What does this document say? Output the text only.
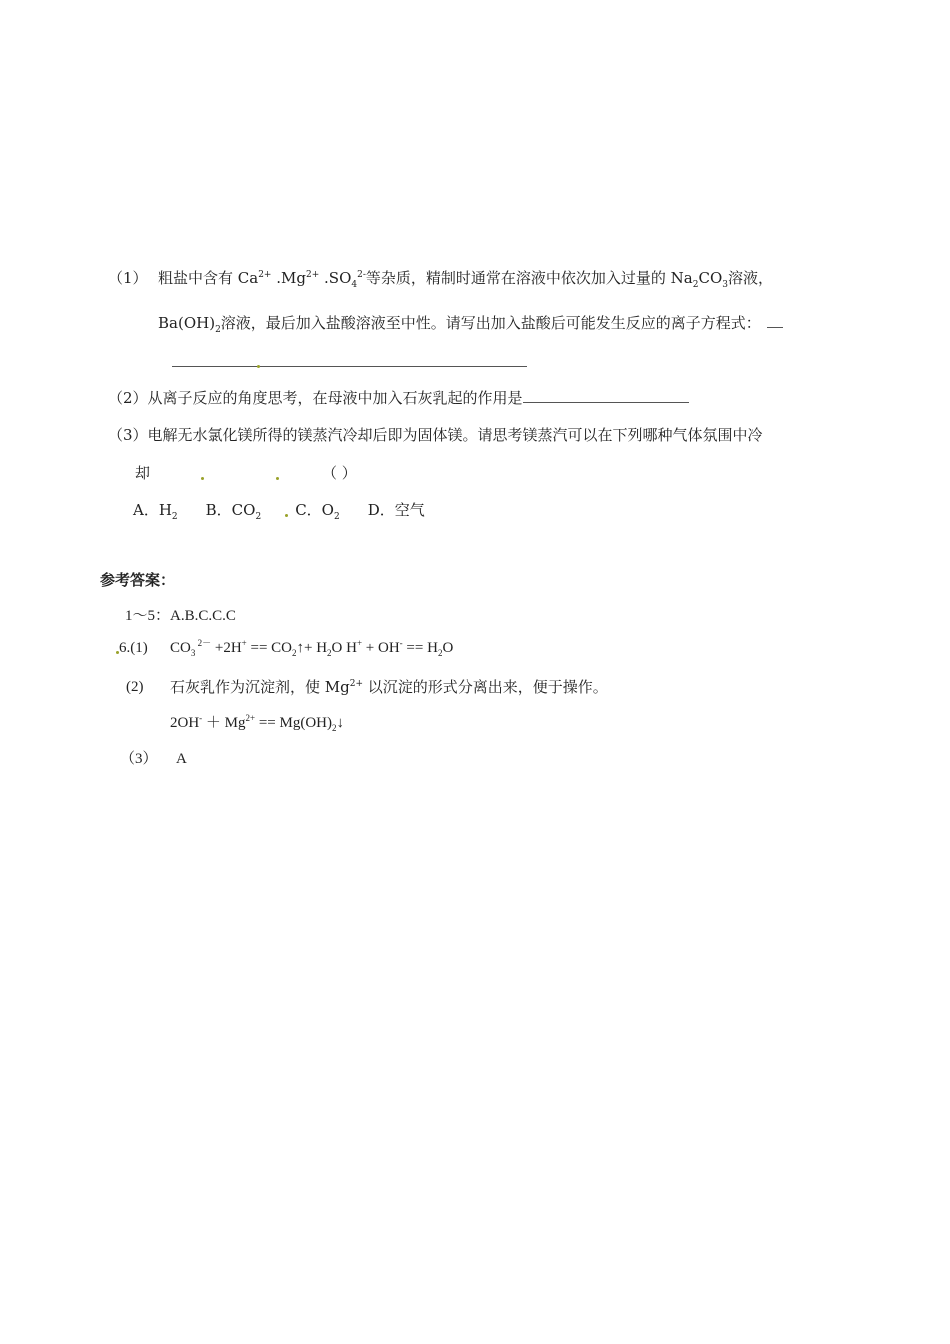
（1） 粗盐中含有 $Ca^{2+}$ $.Mg^{2+}$ $.SO_4^{2-}$等杂质，精制时通常在溶液中依次加入过量的 $Na_2CO_3$溶液，
$Ba(OH)_2$溶液，最后加入盐酸溶液至中性。请写出加入盐酸后可能发生反应的离子方程式：
（2）从离子反应的角度思考，在母液中加入石灰乳起的作用是
（3）电解无水氯化镁所得的镁蒸汽冷却后即为固体镁。请思考镁蒸汽可以在下列哪种气体氛围中冷
却	（ ）
A．$H_2$ B．$CO_2$ C．$O_2$ D．空气
参考答案：
1～5：A.B.C.C.C
6.(1) $CO_3$ $^{2-} +2H^+ == CO_2↑+ H_2O$ $H^+ + OH^- == H_2O$
(2) 石灰乳作为沉淀剂，使 $Mg^{2+}$ 以沉淀的形式分离出来，便于操作。
$2OH^- + Mg^{2+}$ == $Mg(OH)_2↓$
（3） A
